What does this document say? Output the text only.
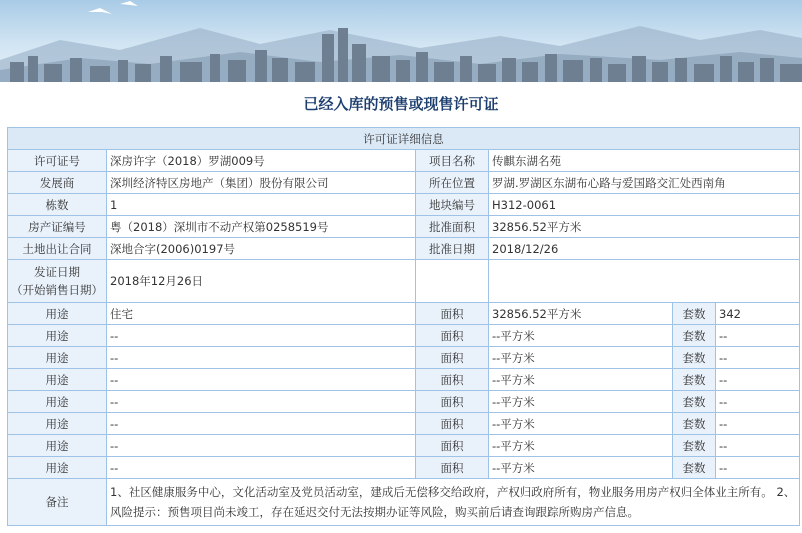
已经入库的预售或现售许可证
许可证详细信息					
许可证号	深房许字（2018）罗湖009号	项目名称	传麒东湖名苑		
发展商	深圳经济特区房地产（集团）股份有限公司	所在位置	罗湖.罗湖区东湖布心路与爱国路交汇处西南角		
栋数	1	地块编号	H312-0061		
房产证编号	粤（2018）深圳市不动产权第0258519号	批准面积	32856.52平方米		
土地出让合同	深地合字(2006)0197号	批准日期	2018/12/26		

发证日期
（开始销售日期）	2018年12月26日				
用途	住宅	面积	32856.52平方米	套数	342
用途	--	面积	--平方米	套数	--
用途	--	面积	--平方米	套数	--
用途	--	面积	--平方米	套数	--
用途	--	面积	--平方米	套数	--
用途	--	面积	--平方米	套数	--
用途	--	面积	--平方米	套数	--
用途	--	面积	--平方米	套数	--
备注	1、社区健康服务中心，文化活动室及党员活动室，建成后无偿移交给政府，产权归政府所有，物业服务用房产权归全体业主所有。 2、风险提示：预售项目尚未竣工，存在延迟交付无法按期办证等风险，购买前后请查询跟踪所购房产信息。				
